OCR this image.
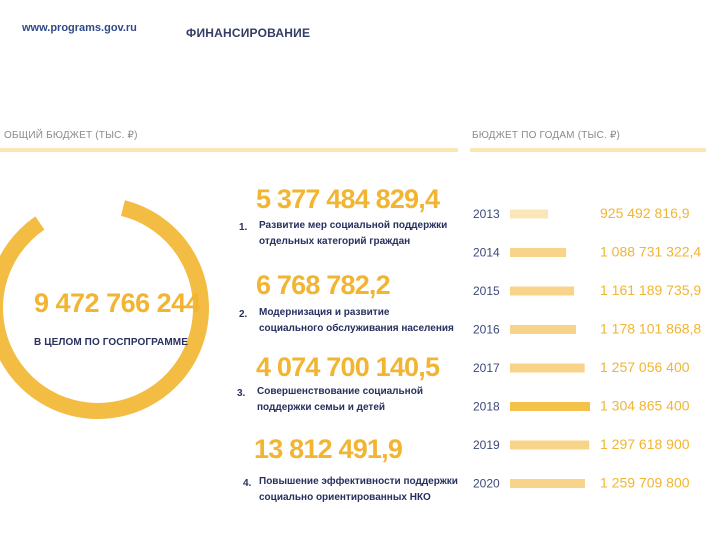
www.programs.gov.ru	ФИНАНСИРОВАНИЕ
ОБЩИЙ БЮДЖЕТ (ТЫС. ₽)
9 472 766 244
В ЦЕЛОМ ПО ГОСПРОГРАММЕ
5 377 484 829,4
1. Развитие мер социальной поддержки
отдельных категорий граждан
6 768 782,2
2. Модернизация и развитие
социального обслуживания населения
4 074 700 140,5
3. Совершенствование социальной
поддержки семьи и детей
13 812 491,9
4. Повышение эффективности поддержки
социально ориентированных НКО
БЮДЖЕТ ПО ГОДАМ (ТЫС. ₽)
2013	925 492 816,9
2014	1 088 731 322,4
2015	1 161 189 735,9
2016	1 178 101 868,8
2017	1 257 056 400
2018	1 304 865 400
2019	1 297 618 900
2020	1 259 709 800
